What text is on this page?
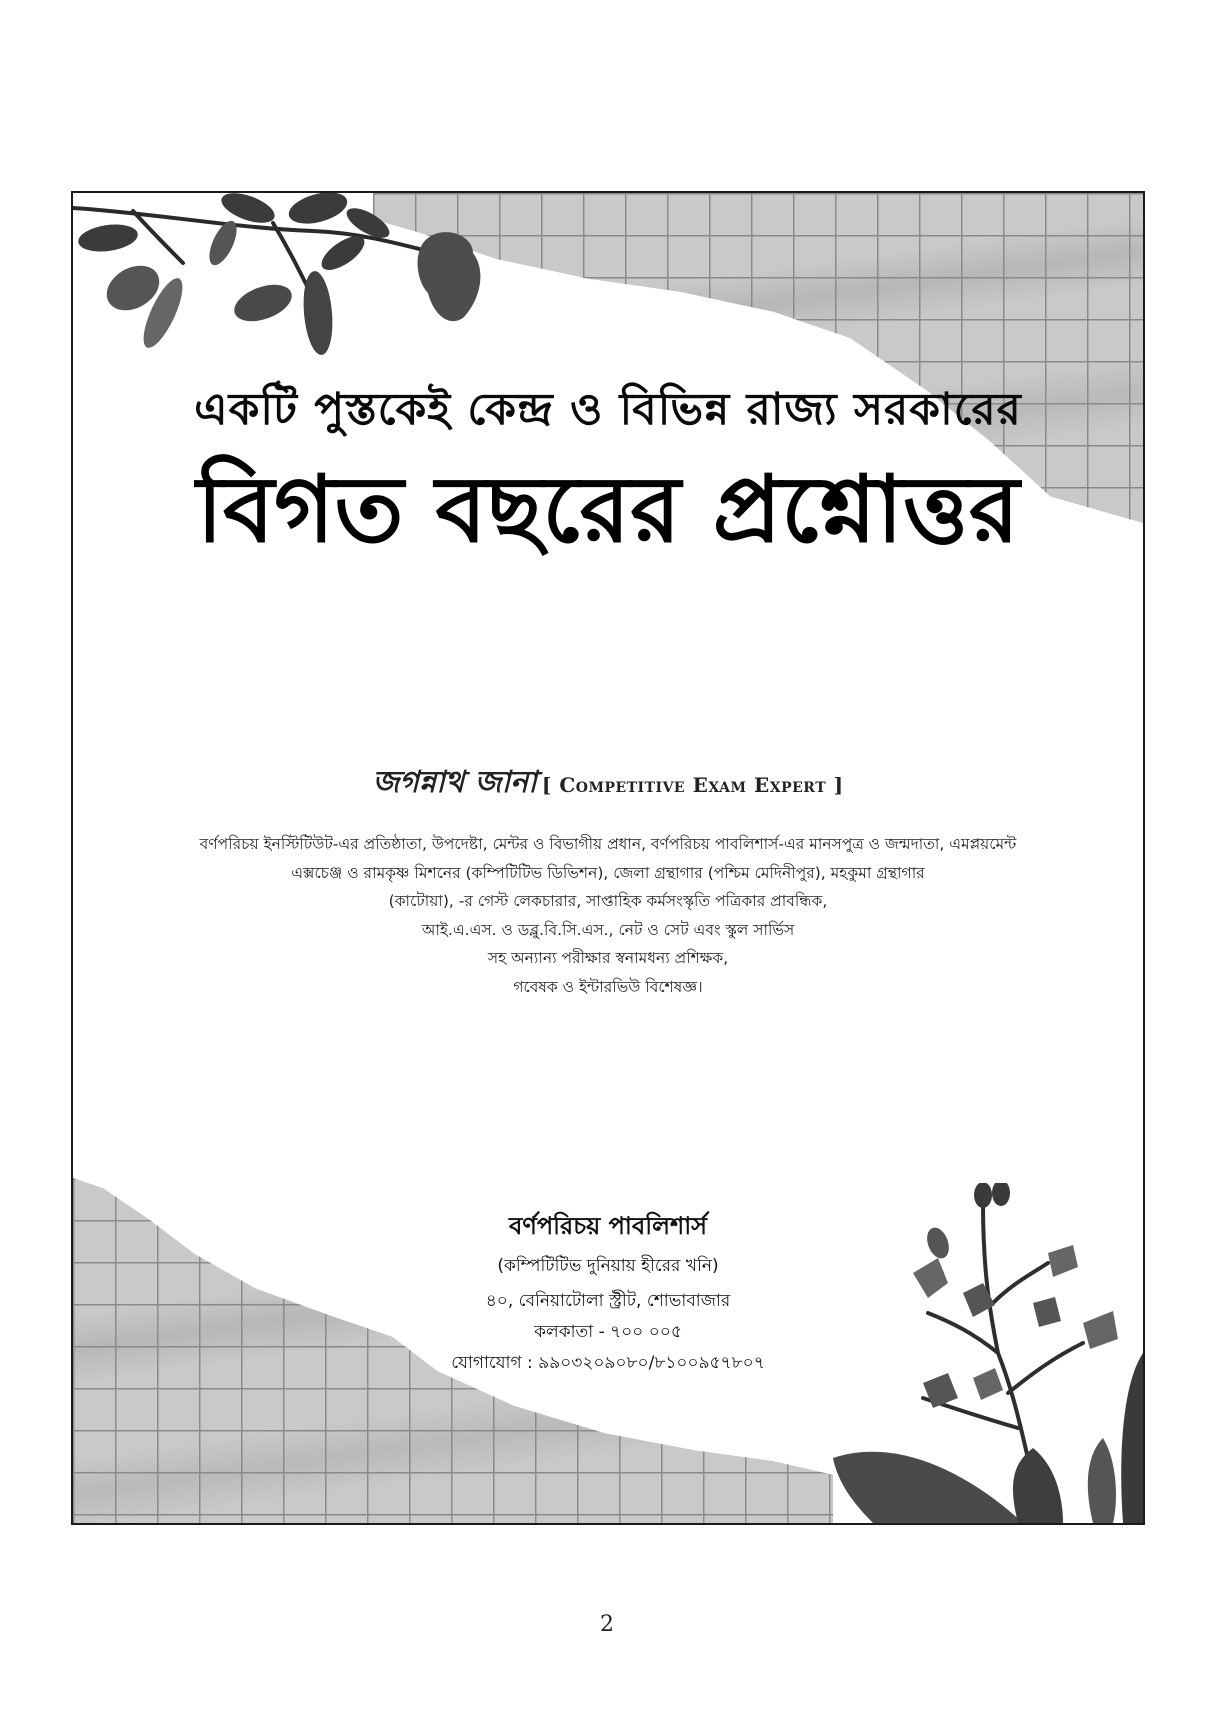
একটি পুস্তকেই কেন্দ্র ও বিভিন্ন রাজ্য সরকারের
বিগত বছরের প্রশ্নোত্তর
জগন্নাথ জানা [ Competitive Exam Expert ]
বর্ণপরিচয় ইনস্টিটিউট-এর প্রতিষ্ঠাতা, উপদেষ্টা, মেন্টর ও বিভাগীয় প্রধান, বর্ণপরিচয় পাবলিশার্স-এর মানসপুত্র ও জন্মদাতা, এমপ্লয়মেন্ট
এক্সচেঞ্জ ও রামকৃষ্ণ মিশনের (কম্পিটিটিভ ডিভিশন), জেলা গ্রন্থাগার (পশ্চিম মেদিনীপুর), মহকুমা গ্রন্থাগার
(কাটোয়া), -র গেস্ট লেকচারার, সাপ্তাহিক কর্মসংস্কৃতি পত্রিকার প্রাবন্ধিক,
আই.এ.এস. ও ডব্লু.বি.সি.এস., নেট ও সেট এবং স্কুল সার্ভিস
সহ অন্যান্য পরীক্ষার স্বনামধন্য প্রশিক্ষক,
গবেষক ও ইন্টারভিউ বিশেষজ্ঞ।
বর্ণপরিচয় পাবলিশার্স
(কম্পিটিটিভ দুনিয়ায় হীরের খনি)
৪০, বেনিয়াটোলা স্ট্রীট, শোভাবাজার
কলকাতা - ৭০০ ০০৫
যোগাযোগ : ৯৯০৩২০৯০৮০/৮১০০৯৫৭৮০৭
2
